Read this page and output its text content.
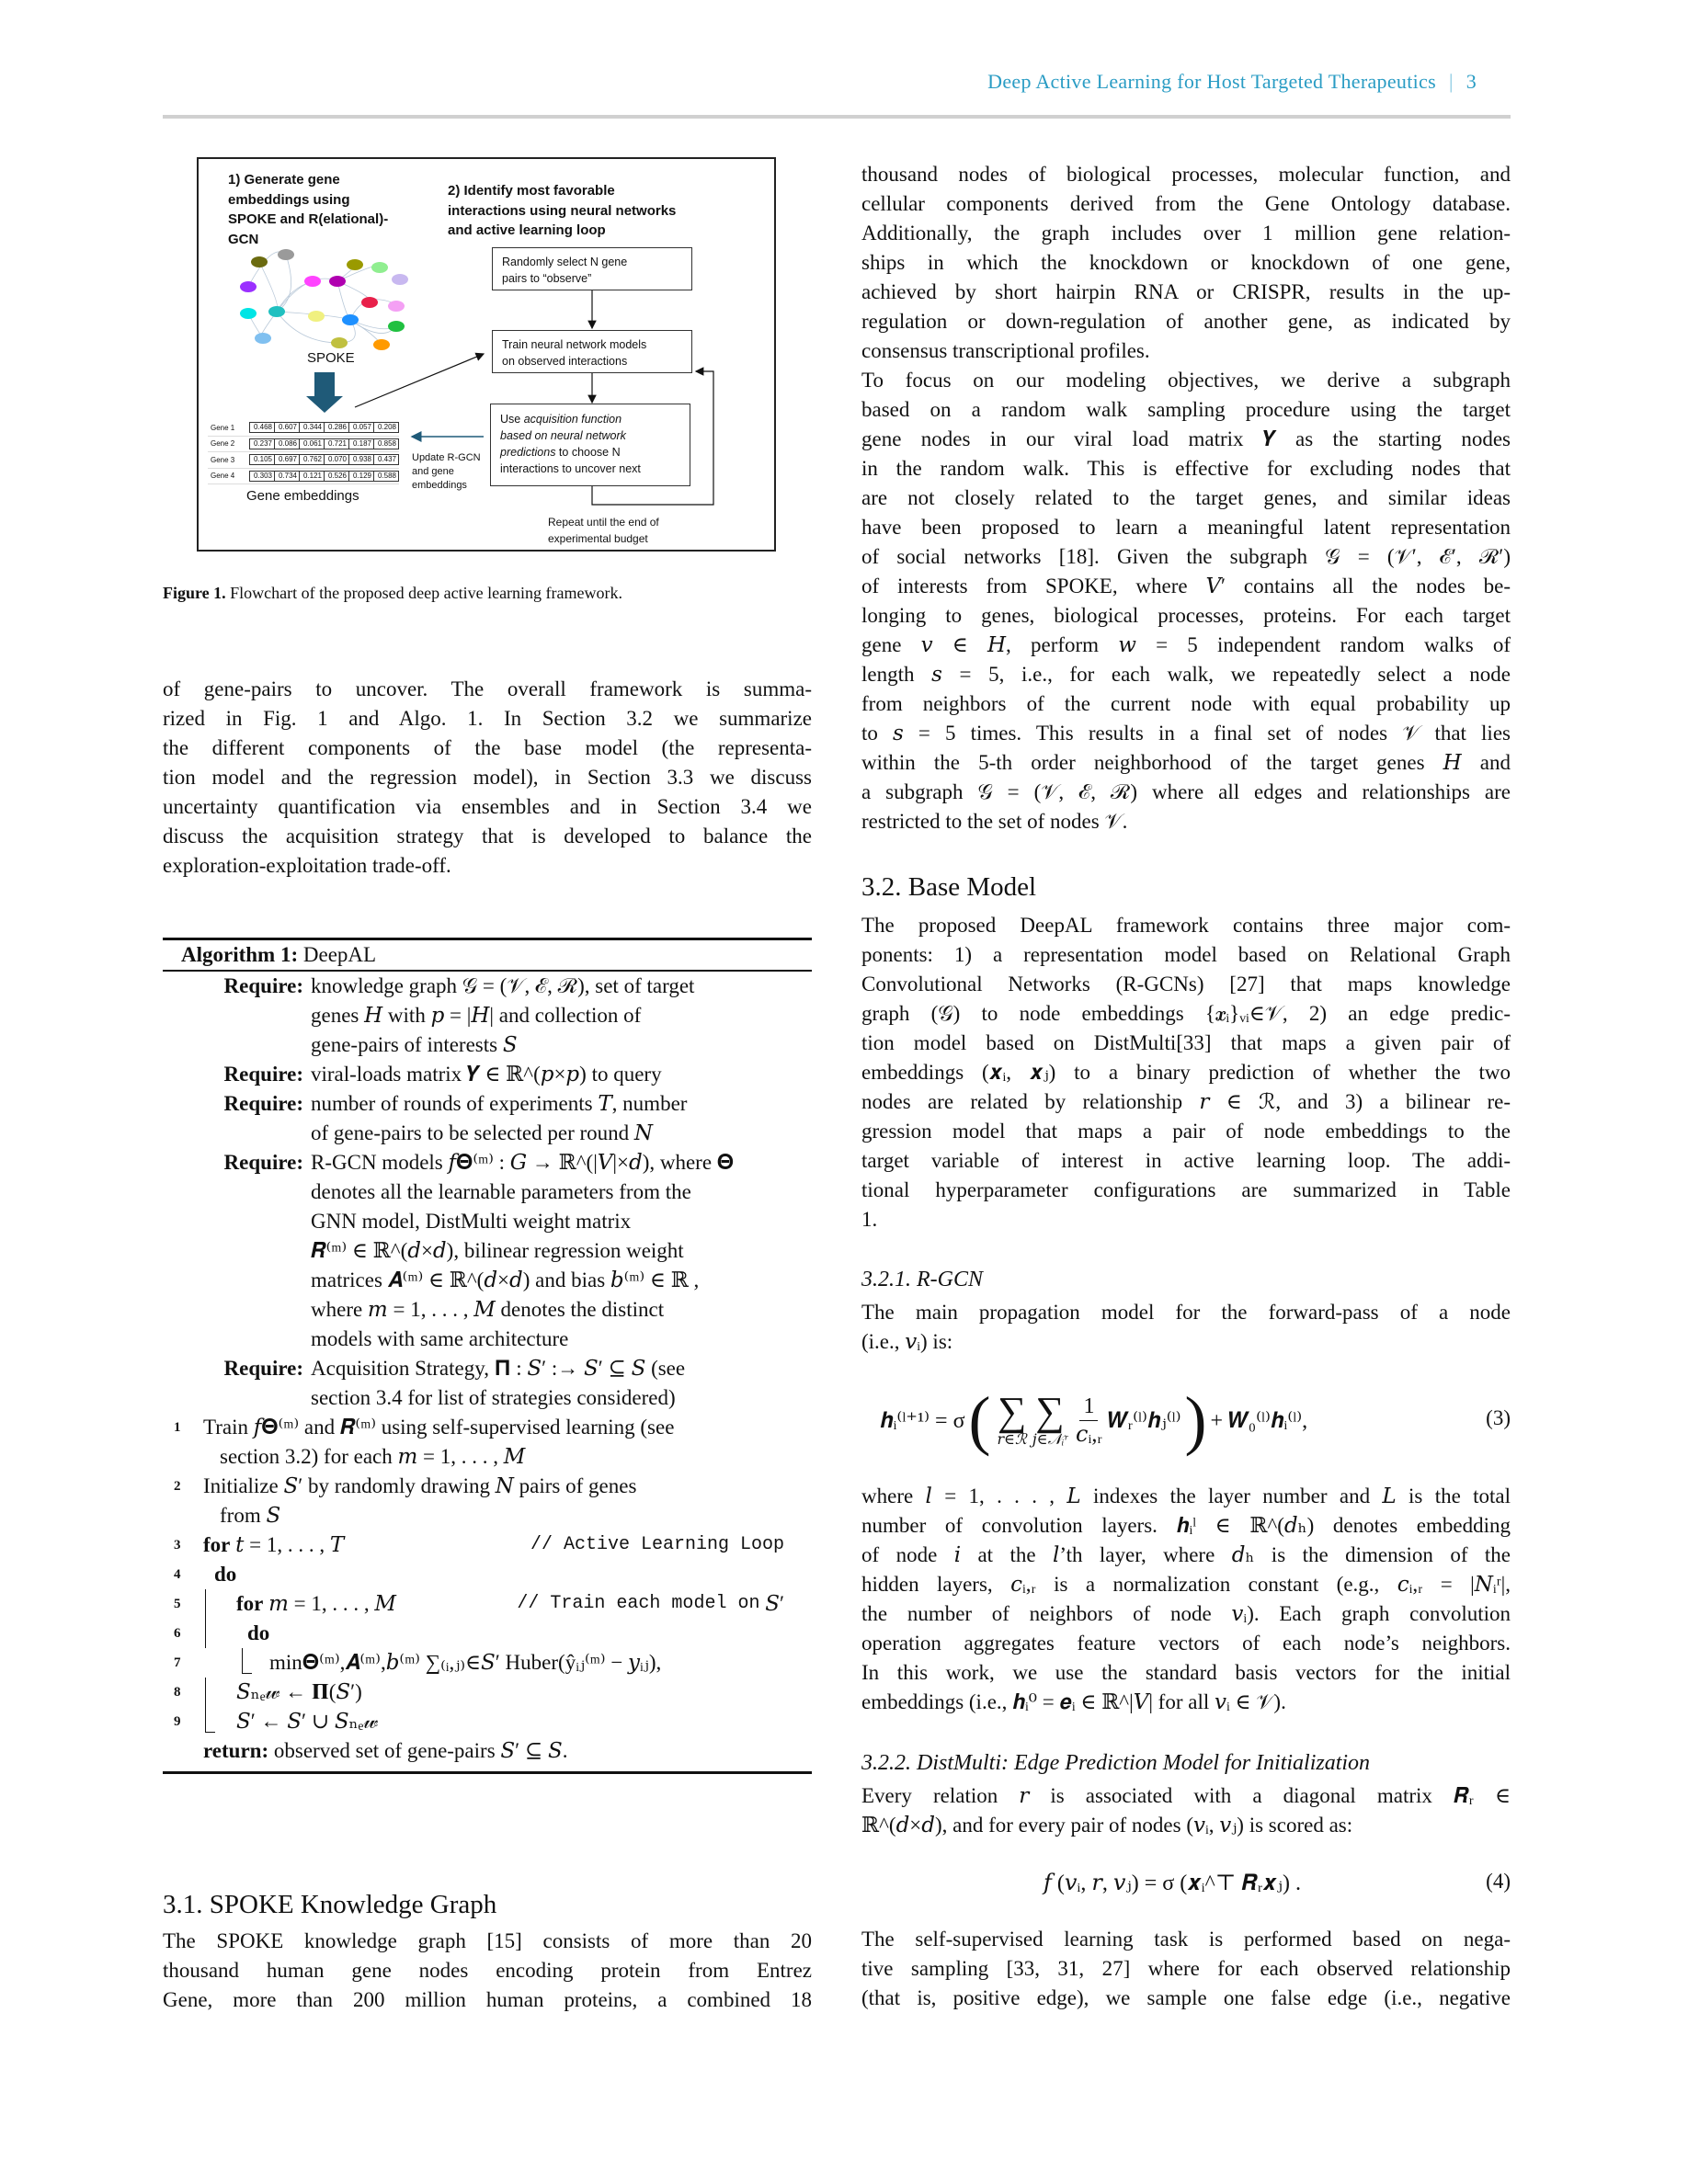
Deep Active Learning for Host Targeted Therapeutics | 3
1) Generate gene
embeddings using
SPOKE and R(elational)-
GCN
2) Identify most favorable
interactions using neural networks
and active learning loop
Randomly select N gene
pairs to “observe”
Train neural network models
on observed interactions
Use acquisition function
based on neural network
predictions to choose N
interactions to uncover next
SPOKE
Gene 1	0.468 0.607 0.344 0.286 0.057 0.208
Gene 2	0.237 0.086 0.061 0.721 0.187 0.858
Gene 3	0.105 0.697 0.762 0.070 0.938 0.437
Gene 4	0.303 0.734 0.121 0.526 0.129 0.588
Gene embeddings
Update R-GCN
and gene
embeddings
Repeat until the end of
experimental budget
Figure 1. Flowchart of the proposed deep active learning framework.
of gene-pairs to uncover. The overall framework is summa-
rized in Fig. 1 and Algo. 1. In Section 3.2 we summarize
the different components of the base model (the representa-
tion model and the regression model), in Section 3.3 we discuss
uncertainty quantification via ensembles and in Section 3.4 we
discuss the acquisition strategy that is developed to balance the
exploration-exploitation trade-off.
Algorithm 1: DeepAL
Require: knowledge graph 𝒢 = (𝒱, ℰ, ℛ), set of target
genes 𝐻 with 𝑝 = |𝐻| and collection of
gene-pairs of interests 𝑆
Require: viral-loads matrix 𝒀 ∈ ℝ^(𝑝×𝑝) to query
Require: number of rounds of experiments 𝑇, number
of gene-pairs to be selected per round 𝑁
Require: R-GCN models 𝑓𝚯⁽ᵐ⁾ : 𝐺 → ℝ^(|𝑉|×𝑑), where 𝚯
denotes all the learnable parameters from the
GNN model, DistMulti weight matrix
𝑹⁽ᵐ⁾ ∈ ℝ^(𝑑×𝑑), bilinear regression weight
matrices 𝑨⁽ᵐ⁾ ∈ ℝ^(𝑑×𝑑) and bias 𝑏⁽ᵐ⁾ ∈ ℝ ,
where 𝑚 = 1, . . . , 𝑀 denotes the distinct
models with same architecture
Require: Acquisition Strategy, 𝚷 : 𝑆′ :→ 𝑆′ ⊆ 𝑆 (see
section 3.4 for list of strategies considered)
1	Train 𝑓𝚯⁽ᵐ⁾ and 𝑹⁽ᵐ⁾ using self-supervised learning (see
section 3.2) for each 𝑚 = 1, . . . , 𝑀
2	Initialize 𝑆′ by randomly drawing 𝑁 pairs of genes
from 𝑆
3	for 𝑡 = 1, . . . , 𝑇	// Active Learning Loop
4	do
5	for 𝑚 = 1, . . . , 𝑀	// Train each model on 𝑆′
6	do
7	min𝚯⁽ᵐ⁾,𝑨⁽ᵐ⁾,𝑏⁽ᵐ⁾ ∑₍ᵢ,ⱼ₎∈𝑆′ Huber(ŷᵢⱼ⁽ᵐ⁾ − 𝑦ᵢⱼ),
8	𝑆ₙₑ𝓌 ← 𝚷(𝑆′)
9	𝑆′ ← 𝑆′ ∪ 𝑆ₙₑ𝓌
return: observed set of gene-pairs 𝑆′ ⊆ 𝑆.
3.1. SPOKE Knowledge Graph
The SPOKE knowledge graph [15] consists of more than 20
thousand human gene nodes encoding protein from Entrez
Gene, more than 200 million human proteins, a combined 18
thousand nodes of biological processes, molecular function, and
cellular components derived from the Gene Ontology database.
Additionally, the graph includes over 1 million gene relation-
ships in which the knockdown or knockdown of one gene,
achieved by short hairpin RNA or CRISPR, results in the up-
regulation or down-regulation of another gene, as indicated by
consensus transcriptional profiles.
To focus on our modeling objectives, we derive a subgraph
based on a random walk sampling procedure using the target
gene nodes in our viral load matrix 𝒀 as the starting nodes
in the random walk. This is effective for excluding nodes that
are not closely related to the target genes, and similar ideas
have been proposed to learn a meaningful latent representation
of social networks [18]. Given the subgraph 𝒢 = (𝒱′, ℰ′, ℛ′)
of interests from SPOKE, where 𝑉′ contains all the nodes be-
longing to genes, biological processes, proteins. For each target
gene 𝑣 ∈ 𝐻, perform 𝑤 = 5 independent random walks of
length 𝑠 = 5, i.e., for each walk, we repeatedly select a node
from neighbors of the current node with equal probability up
to 𝑠 = 5 times. This results in a final set of nodes 𝒱 that lies
within the 5-th order neighborhood of the target genes 𝐻 and
a subgraph 𝒢 = (𝒱, ℰ, ℛ) where all edges and relationships are
restricted to the set of nodes 𝒱.
3.2. Base Model
The proposed DeepAL framework contains three major com-
ponents: 1) a representation model based on Relational Graph
Convolutional Networks (R-GCNs) [27] that maps knowledge
graph (𝒢) to node embeddings {𝒙ᵢ}ᵥᵢ∈𝒱, 2) an edge predic-
tion model based on DistMulti[33] that maps a given pair of
embeddings (𝒙ᵢ, 𝒙ⱼ) to a binary prediction of whether the two
nodes are related by relationship 𝑟 ∈ ℛ, and 3) a bilinear re-
gression model that maps a pair of node embeddings to the
target variable of interest in active learning loop. The addi-
tional hyperparameter configurations are summarized in Table
1.
3.2.1. R-GCN
The main propagation model for the forward-pass of a node
(i.e., 𝑣ᵢ) is:
𝒉ᵢ⁽ˡ⁺¹⁾ = σ ( ∑
𝑟∈ℛ
∑
𝑗∈𝒩ᵢʳ $\frac{1}{\text{𝑐ᵢ,ᵣ}}$ 𝑾ᵣ⁽ˡ⁾𝒉ⱼ⁽ˡ⁾ ) + 𝑾₀⁽ˡ⁾𝒉ᵢ⁽ˡ⁾,	(3)
where 𝑙 = 1, . . . , 𝐿 indexes the layer number and 𝐿 is the total
number of convolution layers. 𝒉ᵢˡ ∈ ℝ^(𝑑ₕ) denotes embedding
of node 𝑖 at the 𝑙’th layer, where 𝑑ₕ is the dimension of the
hidden layers, 𝑐ᵢ,ᵣ is a normalization constant (e.g., 𝑐ᵢ,ᵣ = |𝑁ᵢʳ|,
the number of neighbors of node 𝑣ᵢ). Each graph convolution
operation aggregates feature vectors of each node’s neighbors.
In this work, we use the standard basis vectors for the initial
embeddings (i.e., 𝒉ᵢ⁰ = 𝒆ᵢ ∈ ℝ^|𝑉| for all 𝑣ᵢ ∈ 𝒱).
3.2.2. DistMulti: Edge Prediction Model for Initialization
Every relation 𝑟 is associated with a diagonal matrix 𝑹ᵣ ∈
ℝ^(𝑑×𝑑), and for every pair of nodes (𝑣ᵢ, 𝑣ⱼ) is scored as:
𝑓 (𝑣ᵢ, 𝑟, 𝑣ⱼ) = σ (𝒙ᵢ^⊤ 𝑹ᵣ𝒙ⱼ) .	(4)
The self-supervised learning task is performed based on nega-
tive sampling [33, 31, 27] where for each observed relationship
(that is, positive edge), we sample one false edge (i.e., negative
